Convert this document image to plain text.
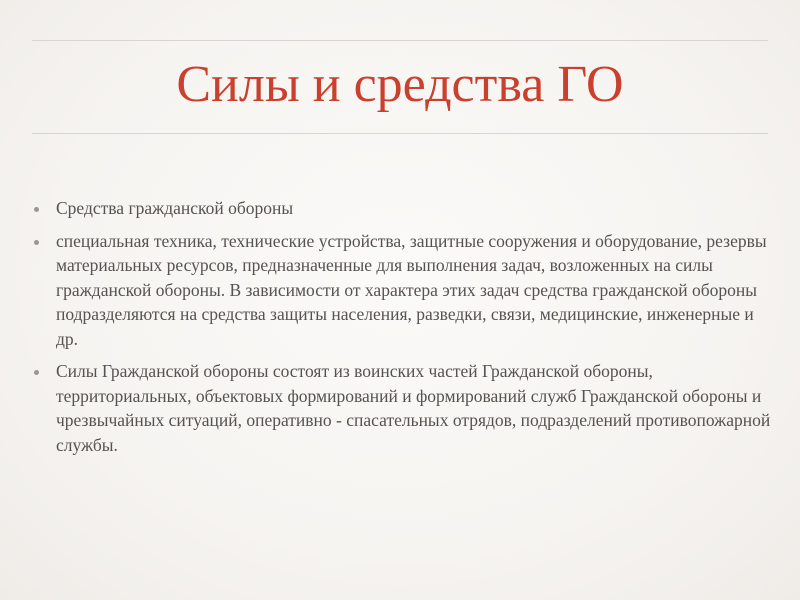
Силы и средства ГО
Средства гражданской обороны
специальная техника, технические устройства, защитные сооружения и оборудование, резервы материальных ресурсов, предназначенные для выполнения задач, возложенных на силы гражданской обороны. В зависимости от характера этих задач средства гражданской обороны подразделяются на средства защиты населения, разведки, связи, медицинские, инженерные и др.
Силы Гражданской обороны состоят из воинских частей Гражданской обороны, территориальных, объектовых формирований и формирований служб Гражданской обороны и чрезвычайных ситуаций, оперативно - спасательных отрядов, подразделений противопожарной службы.
